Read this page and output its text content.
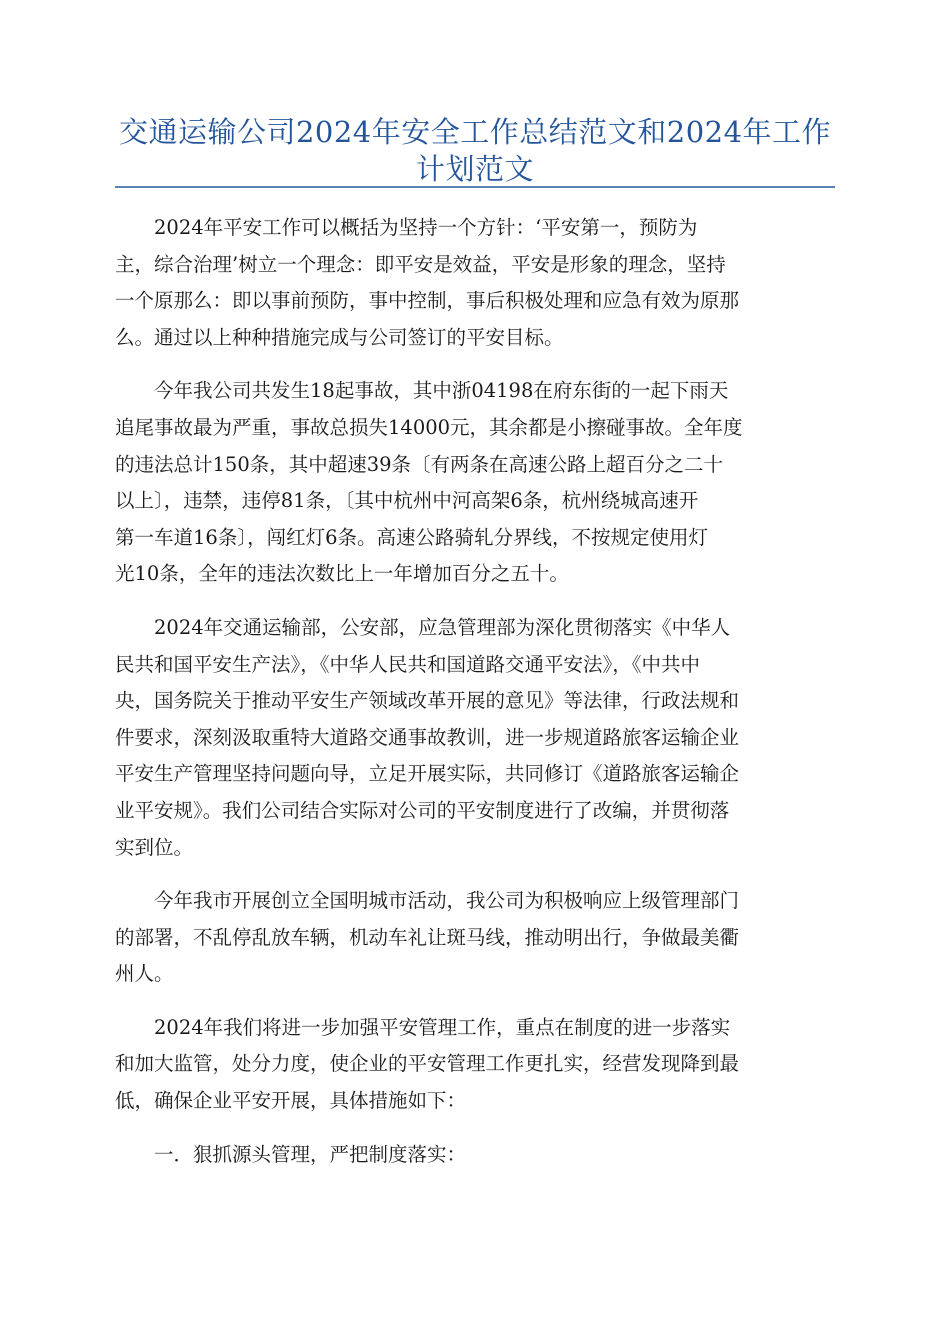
交通运输公司2024年安全工作总结范文和2024年工作
计划范文
2024年平安工作可以概括为坚持一个方针：‘平安第一，预防为
主，综合治理’树立一个理念：即平安是效益，平安是形象的理念，坚持
一个原那么：即以事前预防，事中控制，事后积极处理和应急有效为原那
么。通过以上种种措施完成与公司签订的平安目标。
今年我公司共发生18起事故，其中浙04198在府东街的一起下雨天
追尾事故最为严重，事故总损失14000元，其余都是小擦碰事故。全年度
的违法总计150条，其中超速39条〔有两条在高速公路上超百分之二十
以上〕，违禁，违停81条，〔其中杭州中河高架6条，杭州绕城高速开
第一车道16条〕，闯红灯6条。高速公路骑轧分界线，不按规定使用灯
光10条，全年的违法次数比上一年增加百分之五十。
2024年交通运输部，公安部，应急管理部为深化贯彻落实《中华人
民共和国平安生产法》，《中华人民共和国道路交通平安法》，《中共中
央，国务院关于推动平安生产领域改革开展的意见》等法律，行政法规和
件要求，深刻汲取重特大道路交通事故教训，进一步规道路旅客运输企业
平安生产管理坚持问题向导，立足开展实际，共同修订《道路旅客运输企
业平安规》。我们公司结合实际对公司的平安制度进行了改编，并贯彻落
实到位。
今年我市开展创立全国明城市活动，我公司为积极响应上级管理部门
的部署，不乱停乱放车辆，机动车礼让斑马线，推动明出行，争做最美衢
州人。
2024年我们将进一步加强平安管理工作，重点在制度的进一步落实
和加大监管，处分力度，使企业的平安管理工作更扎实，经营发现降到最
低，确保企业平安开展，具体措施如下：
一．狠抓源头管理，严把制度落实：
